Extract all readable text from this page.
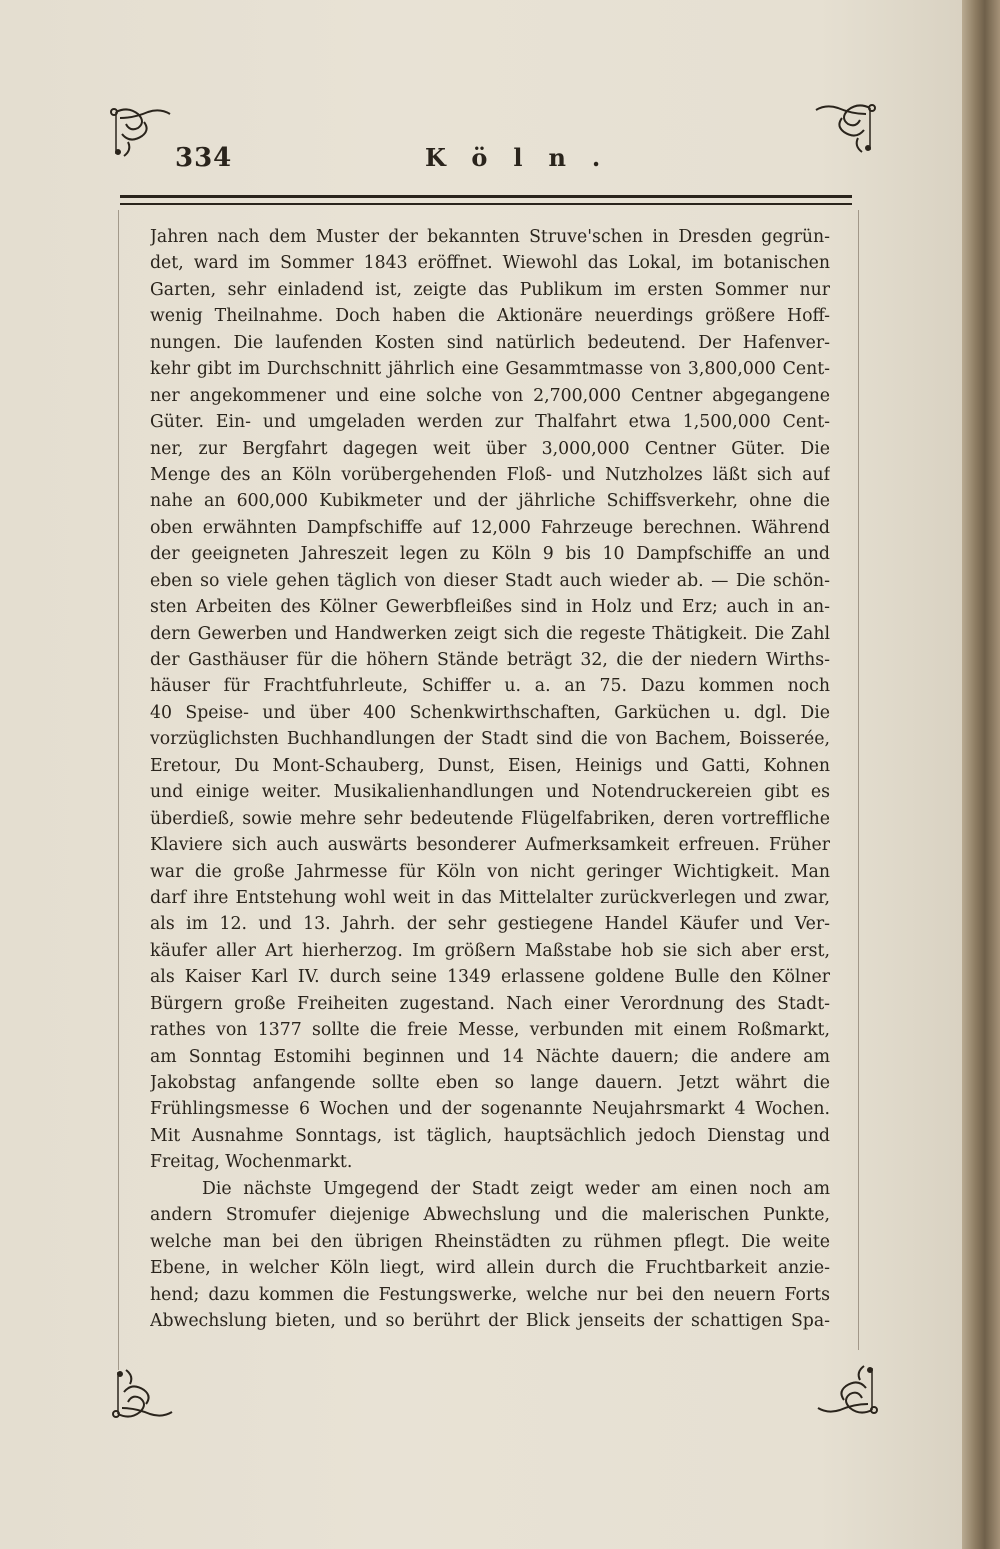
334	Köln.
Jahren nach dem Muster der bekannten Struve'schen in Dresden gegrün-
det, ward im Sommer 1843 eröffnet. Wiewohl das Lokal, im botanischen
Garten, sehr einladend ist, zeigte das Publikum im ersten Sommer nur
wenig Theilnahme. Doch haben die Aktionäre neuerdings größere Hoff-
nungen. Die laufenden Kosten sind natürlich bedeutend. Der Hafenver-
kehr gibt im Durchschnitt jährlich eine Gesammtmasse von 3,800,000 Cent-
ner angekommener und eine solche von 2,700,000 Centner abgegangene
Güter. Ein- und umgeladen werden zur Thalfahrt etwa 1,500,000 Cent-
ner, zur Bergfahrt dagegen weit über 3,000,000 Centner Güter. Die
Menge des an Köln vorübergehenden Floß- und Nutzholzes läßt sich auf
nahe an 600,000 Kubikmeter und der jährliche Schiffsverkehr, ohne die
oben erwähnten Dampfschiffe auf 12,000 Fahrzeuge berechnen. Während
der geeigneten Jahreszeit legen zu Köln 9 bis 10 Dampfschiffe an und
eben so viele gehen täglich von dieser Stadt auch wieder ab. — Die schön-
sten Arbeiten des Kölner Gewerbfleißes sind in Holz und Erz; auch in an-
dern Gewerben und Handwerken zeigt sich die regeste Thätigkeit. Die Zahl
der Gasthäuser für die höhern Stände beträgt 32, die der niedern Wirths-
häuser für Frachtfuhrleute, Schiffer u. a. an 75. Dazu kommen noch
40 Speise- und über 400 Schenkwirthschaften, Garküchen u. dgl. Die
vorzüglichsten Buchhandlungen der Stadt sind die von Bachem, Boisserée,
Eretour, Du Mont-Schauberg, Dunst, Eisen, Heinigs und Gatti, Kohnen
und einige weiter. Musikalienhandlungen und Notendruckereien gibt es
überdieß, sowie mehre sehr bedeutende Flügelfabriken, deren vortreffliche
Klaviere sich auch auswärts besonderer Aufmerksamkeit erfreuen. Früher
war die große Jahrmesse für Köln von nicht geringer Wichtigkeit. Man
darf ihre Entstehung wohl weit in das Mittelalter zurückverlegen und zwar,
als im 12. und 13. Jahrh. der sehr gestiegene Handel Käufer und Ver-
käufer aller Art hierherzog. Im größern Maßstabe hob sie sich aber erst,
als Kaiser Karl IV. durch seine 1349 erlassene goldene Bulle den Kölner
Bürgern große Freiheiten zugestand. Nach einer Verordnung des Stadt-
rathes von 1377 sollte die freie Messe, verbunden mit einem Roßmarkt,
am Sonntag Estomihi beginnen und 14 Nächte dauern; die andere am
Jakobstag anfangende sollte eben so lange dauern. Jetzt währt die
Frühlingsmesse 6 Wochen und der sogenannte Neujahrsmarkt 4 Wochen.
Mit Ausnahme Sonntags, ist täglich, hauptsächlich jedoch Dienstag und
Freitag, Wochenmarkt.
Die nächste Umgegend der Stadt zeigt weder am einen noch am
andern Stromufer diejenige Abwechslung und die malerischen Punkte,
welche man bei den übrigen Rheinstädten zu rühmen pflegt. Die weite
Ebene, in welcher Köln liegt, wird allein durch die Fruchtbarkeit anzie-
hend; dazu kommen die Festungswerke, welche nur bei den neuern Forts
Abwechslung bieten, und so berührt der Blick jenseits der schattigen Spa-
